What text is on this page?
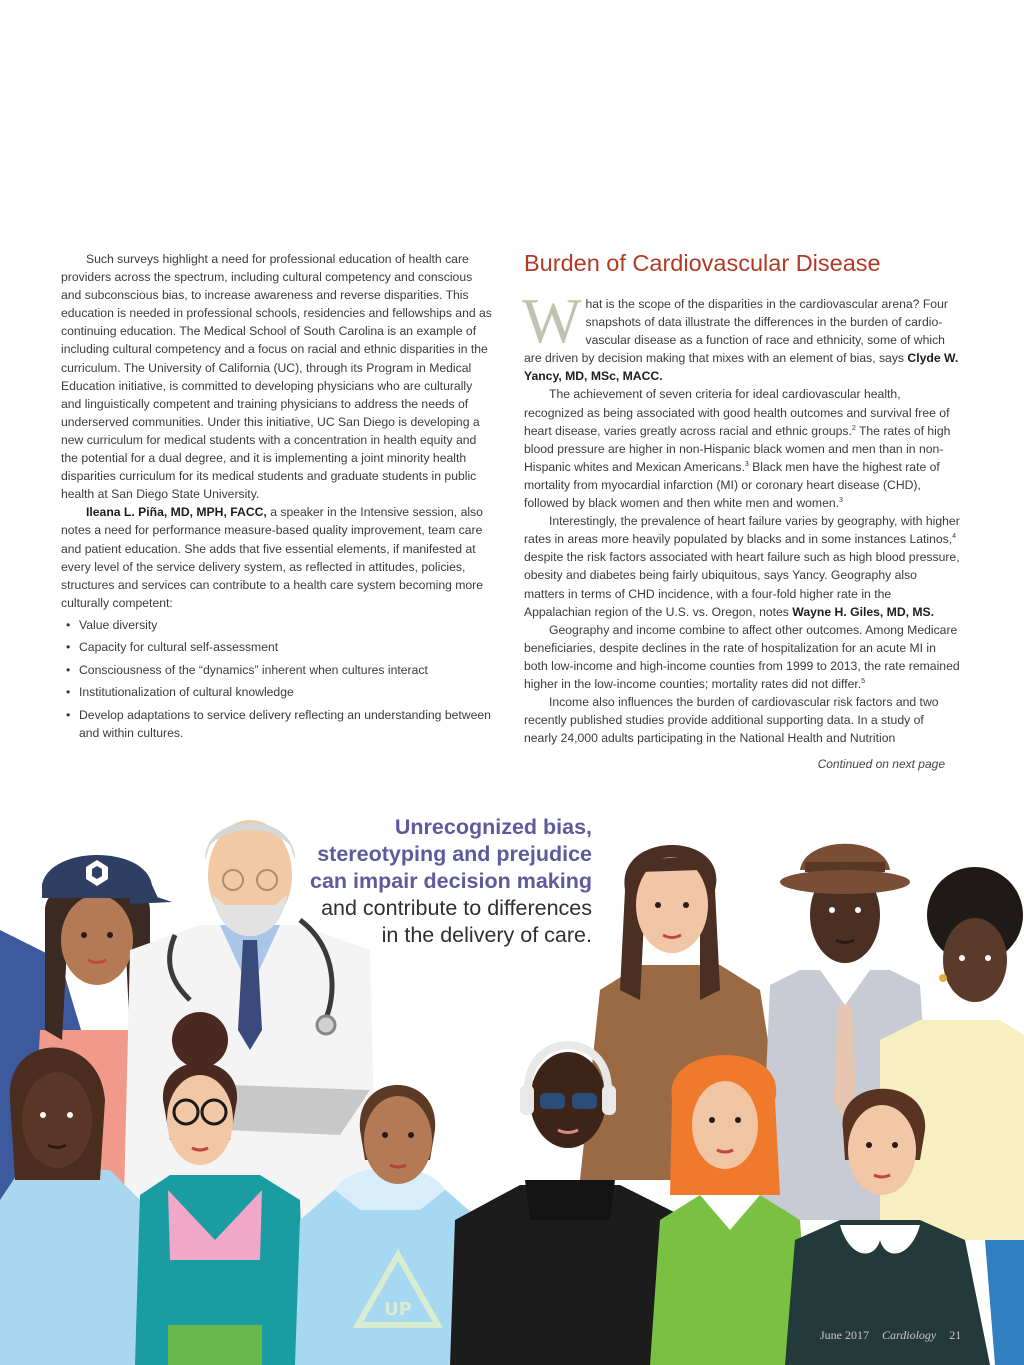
Such surveys highlight a need for professional education of health care providers across the spectrum, including cultural competency and conscious and subconscious bias, to increase awareness and reverse disparities. This education is needed in professional schools, residencies and fellowships and as continuing education. The Medical School of South Carolina is an example of including cultural competency and a focus on racial and ethnic disparities in the curriculum. The University of California (UC), through its Program in Medical Education initiative, is committed to developing physicians who are culturally and linguistically competent and training physicians to address the needs of underserved communities. Under this initiative, UC San Diego is developing a new curriculum for medical students with a concentration in health equity and the potential for a dual degree, and it is implementing a joint minority health disparities curriculum for its medical students and graduate students in public health at San Diego State University.

Ileana L. Piña, MD, MPH, FACC, a speaker in the Intensive session, also notes a need for performance measure-based quality improvement, team care and patient education. She adds that five essential elements, if manifested at every level of the service delivery system, as reflected in attitudes, policies, structures and services can contribute to a health care system becoming more culturally competent:

• Value diversity
• Capacity for cultural self-assessment
• Consciousness of the “dynamics” inherent when cultures interact
• Institutionalization of cultural knowledge
• Develop adaptations to service delivery reflecting an understanding between and within cultures.
Burden of Cardiovascular Disease

What is the scope of the disparities in the cardiovascular arena? Four snapshots of data illustrate the differences in the burden of cardio-vascular disease as a function of race and ethnicity, some of which are driven by decision making that mixes with an element of bias, says Clyde W. Yancy, MD, MSc, MACC.

The achievement of seven criteria for ideal cardiovascular health, recognized as being associated with good health outcomes and survival free of heart disease, varies greatly across racial and ethnic groups.$^2$ The rates of high blood pressure are higher in non-Hispanic black women and men than in non-Hispanic whites and Mexican Americans.$^3$ Black men have the highest rate of mortality from myocardial infarction (MI) or coronary heart disease (CHD), followed by black women and then white men and women.$^3$

Interestingly, the prevalence of heart failure varies by geography, with higher rates in areas more heavily populated by blacks and in some instances Latinos,$^4$ despite the risk factors associated with heart failure such as high blood pressure, obesity and diabetes being fairly ubiquitous, says Yancy. Geography also matters in terms of CHD incidence, with a four-fold higher rate in the Appalachian region of the U.S. vs. Oregon, notes Wayne H. Giles, MD, MS.

Geography and income combine to affect other outcomes. Among Medicare beneficiaries, despite declines in the rate of hospitalization for an acute MI in both low-income and high-income counties from 1999 to 2013, the rate remained higher in the low-income counties; mortality rates did not differ.$^5$

Income also influences the burden of cardiovascular risk factors and two recently published studies provide additional supporting data. In a study of nearly 24,000 adults participating in the National Health and Nutrition

Continued on next page
UP
Unrecognized bias,
stereotyping and prejudice
can impair decision making
and contribute to differences
in the delivery of care.
June 2017 Cardiology 21
